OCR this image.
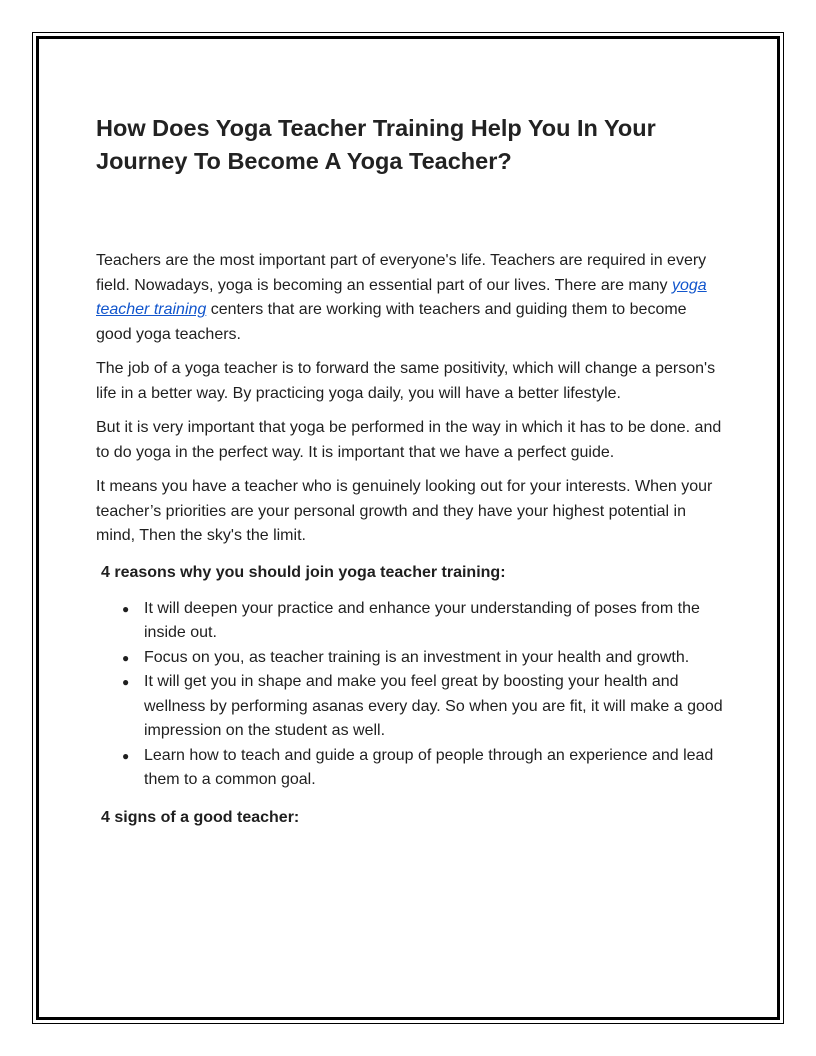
How Does Yoga Teacher Training Help You In Your Journey To Become A Yoga Teacher?

Teachers are the most important part of everyone's life. Teachers are required in every field. Nowadays, yoga is becoming an essential part of our lives. There are many yoga teacher training centers that are working with teachers and guiding them to become good yoga teachers.

The job of a yoga teacher is to forward the same positivity, which will change a person's life in a better way. By practicing yoga daily, you will have a better lifestyle.

But it is very important that yoga be performed in the way in which it has to be done. and to do yoga in the perfect way. It is important that we have a perfect guide.

It means you have a teacher who is genuinely looking out for your interests. When your teacher’s priorities are your personal growth and they have your highest potential in mind, Then the sky's the limit.

4 reasons why you should join yoga teacher training:
● It will deepen your practice and enhance your understanding of poses from the inside out.
● Focus on you, as teacher training is an investment in your health and growth.
● It will get you in shape and make you feel great by boosting your health and wellness by performing asanas every day. So when you are fit, it will make a good impression on the student as well.
● Learn how to teach and guide a group of people through an experience and lead them to a common goal.
4 signs of a good teacher:
